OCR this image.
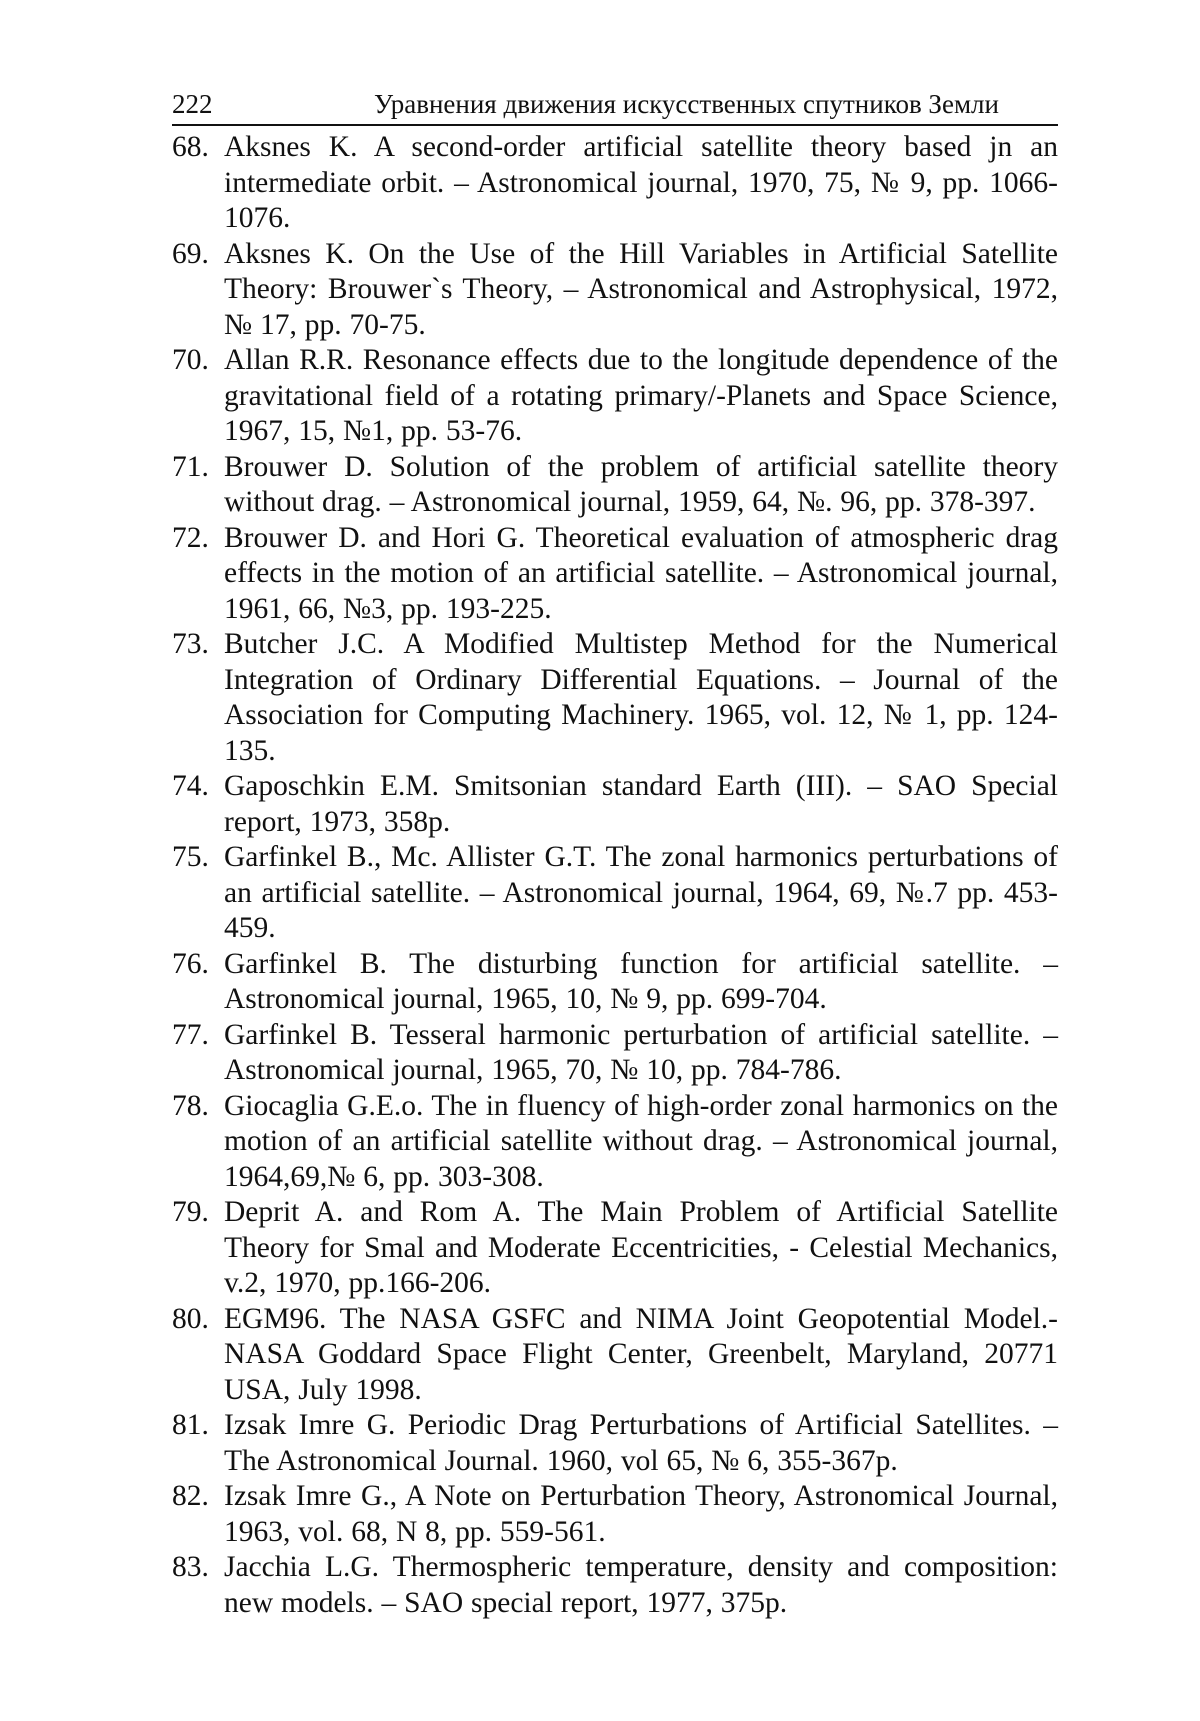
222	Уравнения движения искусственных спутников Земли
68. Aksnes K. A second-order artificial satellite theory based jn an intermediate orbit. – Astronomical journal, 1970, 75, № 9, pp. 1066-1076.
69. Aksnes K. On the Use of the Hill Variables in Artificial Satellite Theory: Brouwer`s Theory, – Astronomical and Astrophysical, 1972, № 17, pp. 70-75.
70. Allan R.R. Resonance effects due to the longitude dependence of the gravitational field of a rotating primary/-Planets and Space Science, 1967, 15, №1, pp. 53-76.
71. Brouwer D. Solution of the problem of artificial satellite theory without drag. – Astronomical journal, 1959, 64, №. 96, pp. 378-397.
72. Brouwer D. and Hori G. Theoretical evaluation of atmospheric drag effects in the motion of an artificial satellite. – Astronomical journal, 1961, 66, №3, pp. 193-225.
73. Butcher J.C. A Modified Multistep Method for the Numerical Integration of Ordinary Differential Equations. – Journal of the Association for Computing Machinery. 1965, vol. 12, № 1, pp. 124-135.
74. Gaposchkin E.M. Smitsonian standard Earth (III). – SAO Special report, 1973, 358p.
75. Garfinkel B., Mc. Allister G.T. The zonal harmonics perturbations of an artificial satellite. – Astronomical journal, 1964, 69, №.7 pp. 453-459.
76. Garfinkel B. The disturbing function for artificial satellite. – Astronomical journal, 1965, 10, № 9, pp. 699-704.
77. Garfinkel B. Tesseral harmonic perturbation of artificial satellite. – Astronomical journal, 1965, 70, № 10, pp. 784-786.
78. Giocaglia G.E.o. The in fluency of high-order zonal harmonics on the motion of an artificial satellite without drag. – Astronomical journal, 1964,69,№ 6, pp. 303-308.
79. Deprit A. and Rom A. The Main Problem of Artificial Satellite Theory for Smal and Moderate Eccentricities, - Celestial Mechanics, v.2, 1970, pp.166-206.
80. EGM96. The NASA GSFC and NIMA Joint Geopotential Model.- NASA Goddard Space Flight Center, Greenbelt, Maryland, 20771 USA, July 1998.
81. Izsak Imre G. Periodic Drag Perturbations of Artificial Satellites. – The Astronomical Journal. 1960, vol 65, № 6, 355-367p.
82. Izsak Imre G., A Note on Perturbation Theory, Astronomical Journal, 1963, vol. 68, N 8, pp. 559-561.
83. Jacchia L.G. Thermospheric temperature, density and composition: new models. – SAO special report, 1977, 375p.
